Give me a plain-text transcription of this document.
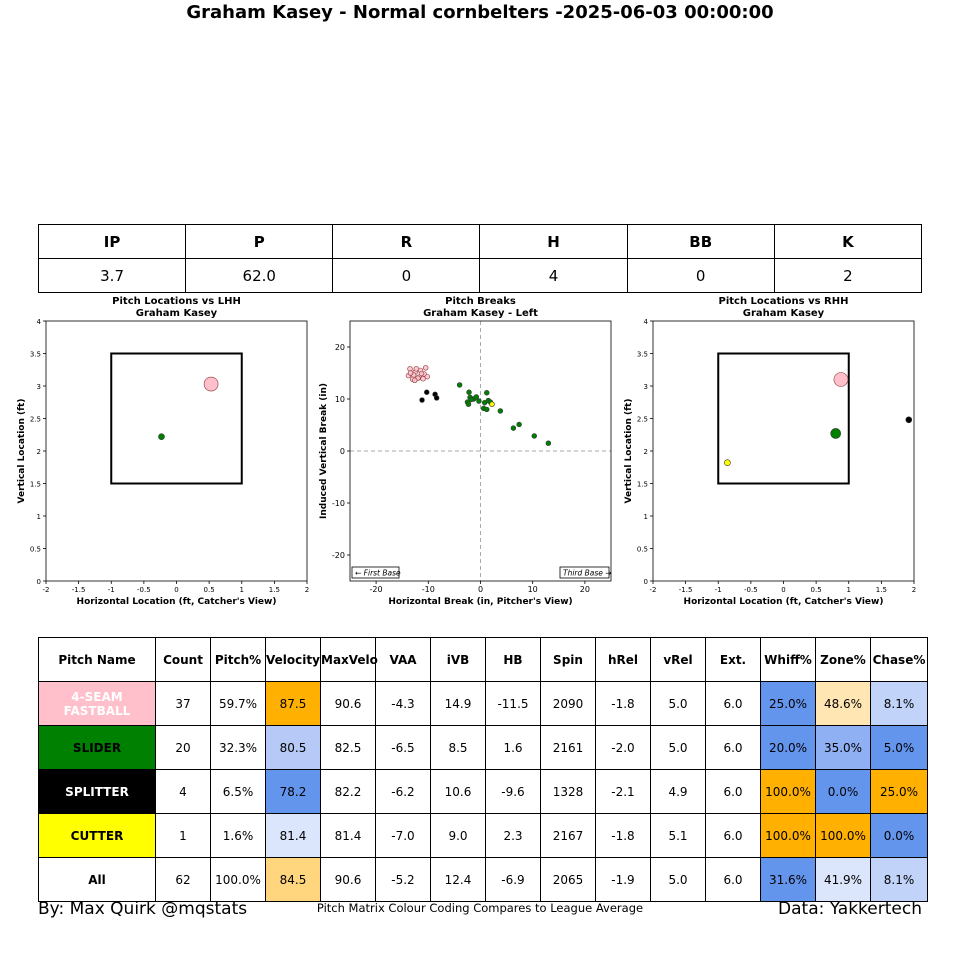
Graham Kasey - Normal cornbelters -2025-06-03 00:00:00
IP	P	R	H	BB	K
3.7	62.0	0	4	0	2
Pitch Locations vs LHH
Graham Kasey
-2	-1.5	-1	-0.5	0	0.5	1	1.5	2
0
0.5
1
1.5
2
2.5
3
3.5
4
Horizontal Location (ft, Catcher's View)
Vertical Location (ft)
Pitch Breaks
Graham Kasey - Left
-20	-10	0	10	20
-20
-10
0
10
20
Horizontal Break (in, Pitcher's View)
Induced Vertical Break (in)
← First Base	Third Base →
Pitch Locations vs RHH
Graham Kasey
-2	-1.5	-1	-0.5	0	0.5	1	1.5	2
0
0.5
1
1.5
2
2.5
3
3.5
4
Horizontal Location (ft, Catcher's View)
Vertical Location (ft)
Pitch Name	Count	Pitch%	Velocity	MaxVelo	VAA	iVB	HB	Spin	hRel	vRel	Ext.	Whiff%	Zone%	Chase%
4-SEAM FASTBALL	37	59.7%	87.5	90.6	-4.3	14.9	-11.5	2090	-1.8	5.0	6.0	25.0%	48.6%	8.1%
SLIDER	20	32.3%	80.5	82.5	-6.5	8.5	1.6	2161	-2.0	5.0	6.0	20.0%	35.0%	5.0%
SPLITTER	4	6.5%	78.2	82.2	-6.2	10.6	-9.6	1328	-2.1	4.9	6.0	100.0%	0.0%	25.0%
CUTTER	1	1.6%	81.4	81.4	-7.0	9.0	2.3	2167	-1.8	5.1	6.0	100.0%	100.0%	0.0%
All	62	100.0%	84.5	90.6	-5.2	12.4	-6.9	2065	-1.9	5.0	6.0	31.6%	41.9%	8.1%
By: Max Quirk @mqstats	Pitch Matrix Colour Coding Compares to League Average	Data: Yakkertech
